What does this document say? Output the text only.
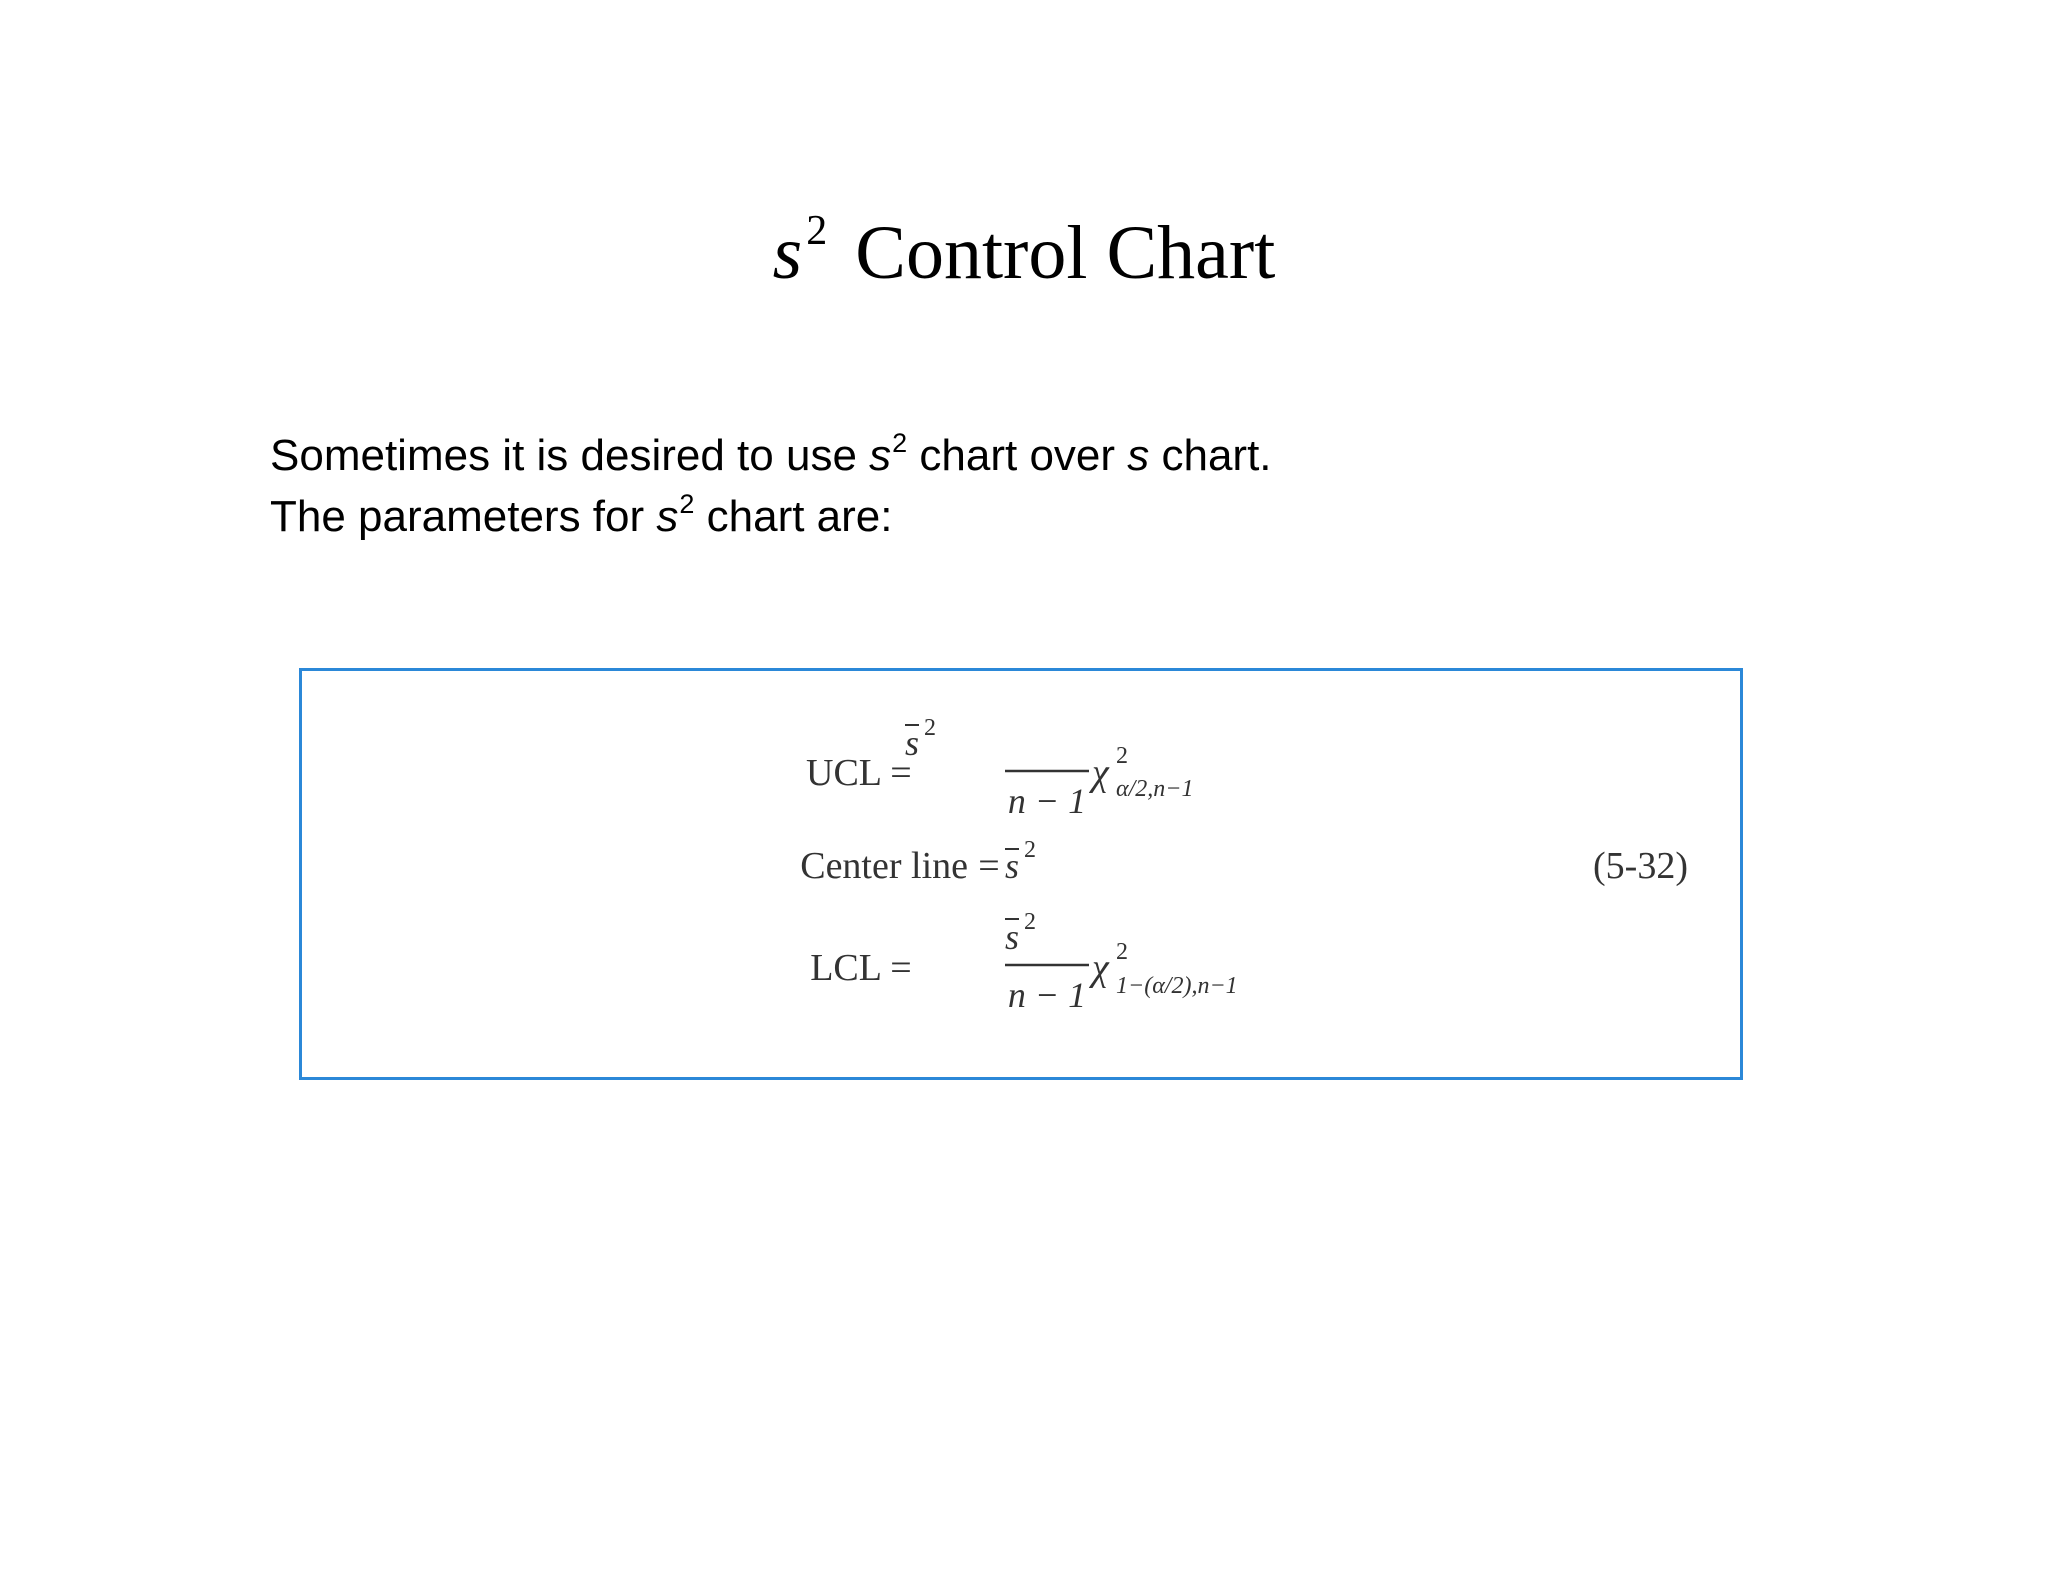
$s^2$ Control Chart
Sometimes it is desired to use $s^2$ chart over s chart.
The parameters for $s^2$ chart are:
UCL =
s 2
n − 1
χ 2
α/2,n−1
Center line = s 2	(5-32)
LCL =
s 2
n − 1
χ 2
1−(α/2),n−1
